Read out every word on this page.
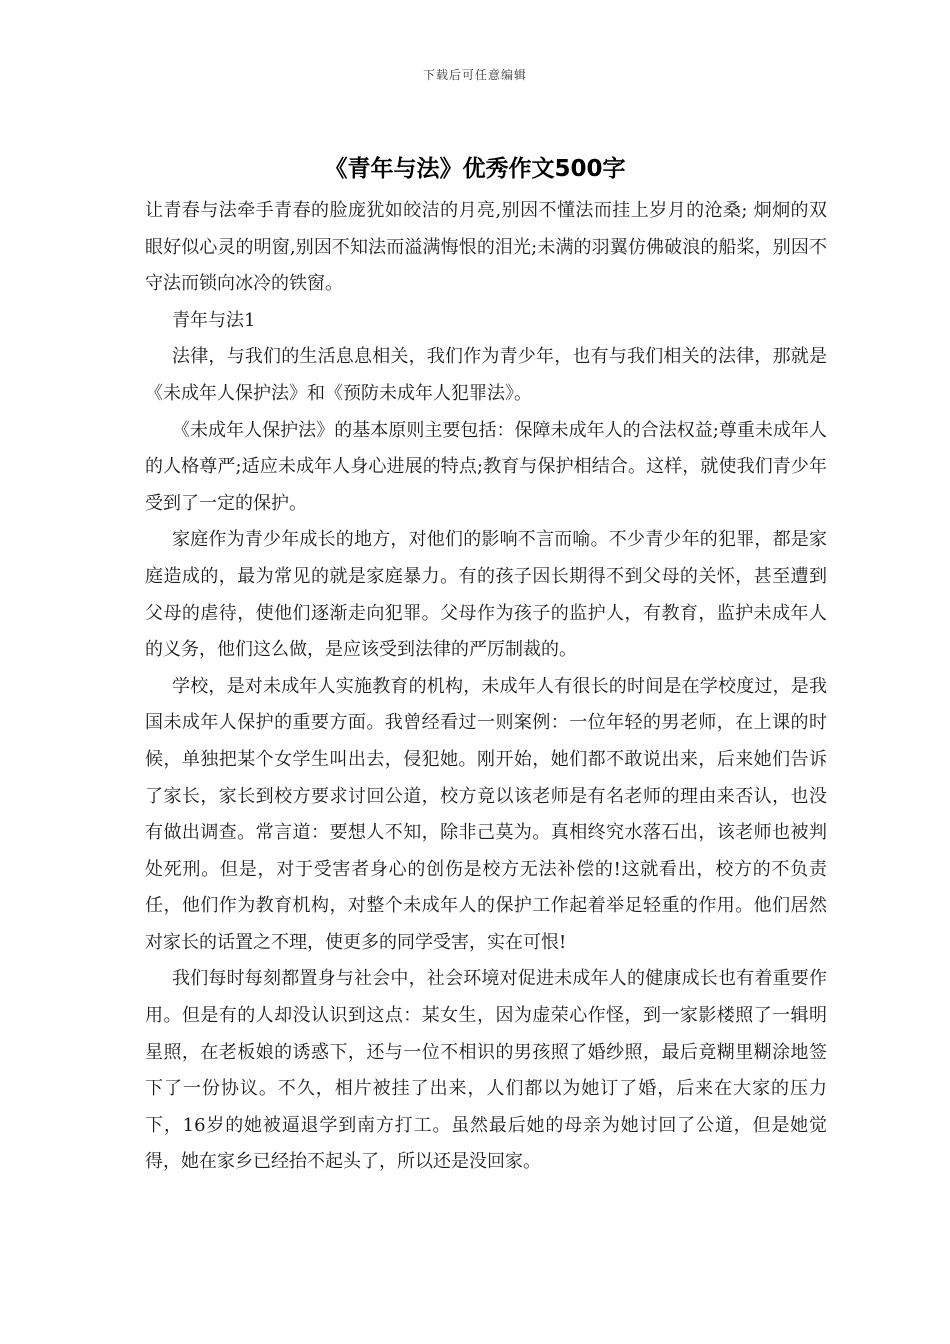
下载后可任意编辑
《青年与法》优秀作文500字

让青春与法牵手青春的脸庞犹如皎洁的月亮,别因不懂法而挂上岁月的沧桑; 炯炯的双眼好似心灵的明窗,别因不知法而溢满悔恨的泪光;未满的羽翼仿佛破浪的船桨，别因不守法而锁向冰冷的铁窗。

青年与法1

法律，与我们的生活息息相关，我们作为青少年，也有与我们相关的法律，那就是《未成年人保护法》和《预防未成年人犯罪法》。

《未成年人保护法》的基本原则主要包括：保障未成年人的合法权益;尊重未成年人的人格尊严;适应未成年人身心进展的特点;教育与保护相结合。这样，就使我们青少年受到了一定的保护。

家庭作为青少年成长的地方，对他们的影响不言而喻。不少青少年的犯罪，都是家庭造成的，最为常见的就是家庭暴力。有的孩子因长期得不到父母的关怀，甚至遭到父母的虐待，使他们逐渐走向犯罪。父母作为孩子的监护人，有教育，监护未成年人的义务，他们这么做，是应该受到法律的严厉制裁的。

学校，是对未成年人实施教育的机构，未成年人有很长的时间是在学校度过，是我国未成年人保护的重要方面。我曾经看过一则案例：一位年轻的男老师，在上课的时候，单独把某个女学生叫出去，侵犯她。刚开始，她们都不敢说出来，后来她们告诉了家长，家长到校方要求讨回公道，校方竟以该老师是有名老师的理由来否认，也没有做出调查。常言道：要想人不知，除非己莫为。真相终究水落石出，该老师也被判处死刑。但是，对于受害者身心的创伤是校方无法补偿的!这就看出，校方的不负责任，他们作为教育机构，对整个未成年人的保护工作起着举足轻重的作用。他们居然对家长的话置之不理，使更多的同学受害，实在可恨!

我们每时每刻都置身与社会中，社会环境对促进未成年人的健康成长也有着重要作用。但是有的人却没认识到这点：某女生，因为虚荣心作怪，到一家影楼照了一辑明星照，在老板娘的诱惑下，还与一位不相识的男孩照了婚纱照，最后竟糊里糊涂地签下了一份协议。不久，相片被挂了出来，人们都以为她订了婚，后来在大家的压力下，16岁的她被逼退学到南方打工。虽然最后她的母亲为她讨回了公道，但是她觉得，她在家乡已经抬不起头了，所以还是没回家。
